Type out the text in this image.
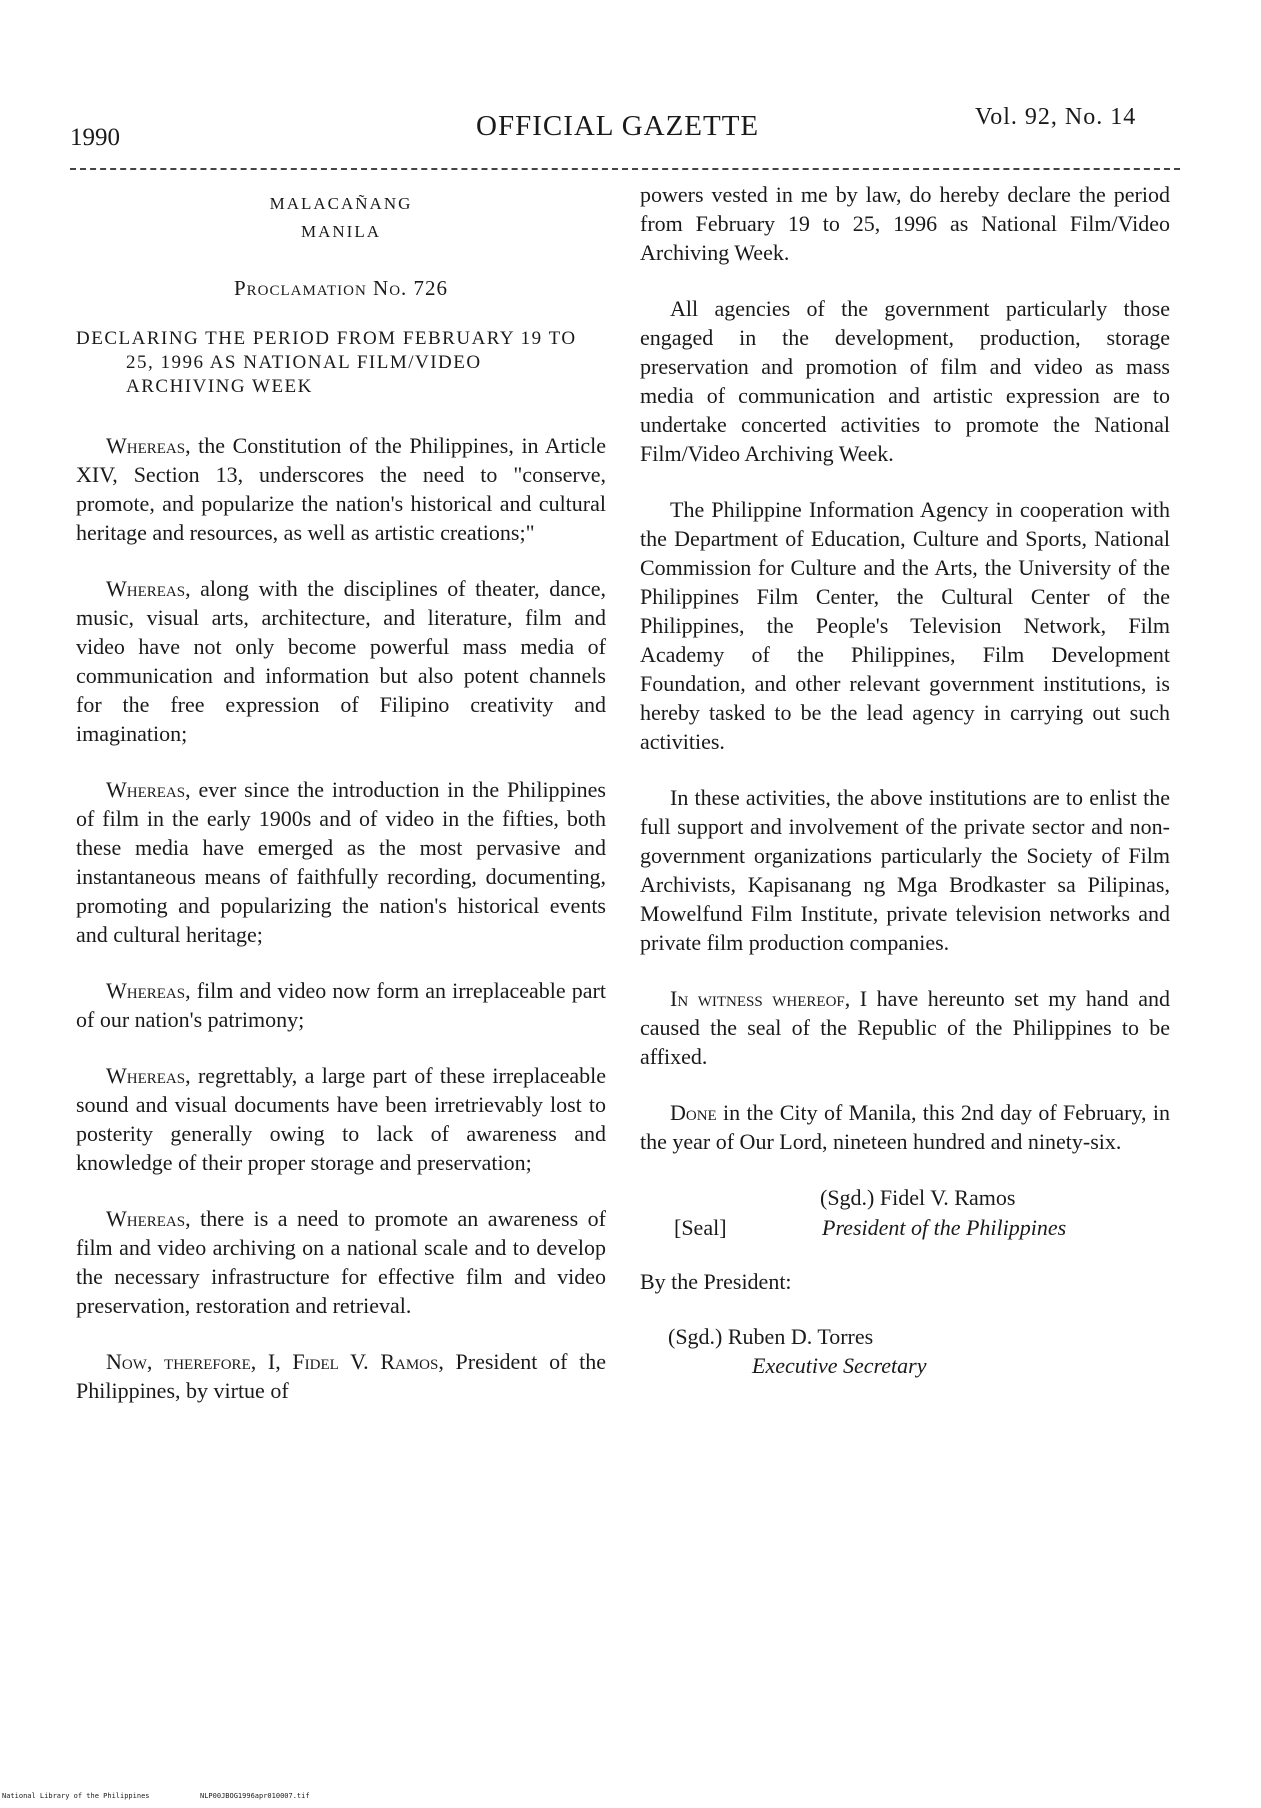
1990	OFFICIAL GAZETTE	Vol. 92, No. 14
MALACAÑANG
MANILA
Proclamation No. 726
DECLARING THE PERIOD FROM FEBRUARY 19 TO 25, 1996 AS NATIONAL FILM/VIDEO ARCHIVING WEEK

Whereas, the Constitution of the Philippines, in Article XIV, Section 13, underscores the need to "conserve, promote, and popularize the nation's historical and cultural heritage and resources, as well as artistic creations;"

Whereas, along with the disciplines of theater, dance, music, visual arts, architecture, and literature, film and video have not only become powerful mass media of communication and information but also potent channels for the free expression of Filipino creativity and imagination;

Whereas, ever since the introduction in the Philippines of film in the early 1900s and of video in the fifties, both these media have emerged as the most pervasive and instantaneous means of faithfully recording, documenting, promoting and popularizing the nation's historical events and cultural heritage;

Whereas, film and video now form an irreplaceable part of our nation's patrimony;

Whereas, regrettably, a large part of these irreplaceable sound and visual documents have been irretrievably lost to posterity generally owing to lack of awareness and knowledge of their proper storage and preservation;

Whereas, there is a need to promote an awareness of film and video archiving on a national scale and to develop the necessary infrastructure for effective film and video preservation, restoration and retrieval.

Now, therefore, I, Fidel V. Ramos, President of the Philippines, by virtue of

powers vested in me by law, do hereby declare the period from February 19 to 25, 1996 as National Film/Video Archiving Week.

All agencies of the government particularly those engaged in the development, production, storage preservation and promotion of film and video as mass media of communication and artistic expression are to undertake concerted activities to promote the National Film/Video Archiving Week.

The Philippine Information Agency in cooperation with the Department of Education, Culture and Sports, National Commission for Culture and the Arts, the University of the Philippines Film Center, the Cultural Center of the Philippines, the People's Television Network, Film Academy of the Philippines, Film Development Foundation, and other relevant government institutions, is hereby tasked to be the lead agency in carrying out such activities.

In these activities, the above institutions are to enlist the full support and involvement of the private sector and non-government organizations particularly the Society of Film Archivists, Kapisanang ng Mga Brodkaster sa Pilipinas, Mowelfund Film Institute, private television networks and private film production companies.

In witness whereof, I have hereunto set my hand and caused the seal of the Republic of the Philippines to be affixed.

Done in the City of Manila, this 2nd day of February, in the year of Our Lord, nineteen hundred and ninety-six.

(Sgd.) Fidel V. Ramos
[Seal]	President of the Philippines
By the President:
(Sgd.) Ruben D. Torres
Executive Secretary
National Library of the Philippines	NLP00JBOG1996apr010007.tif
